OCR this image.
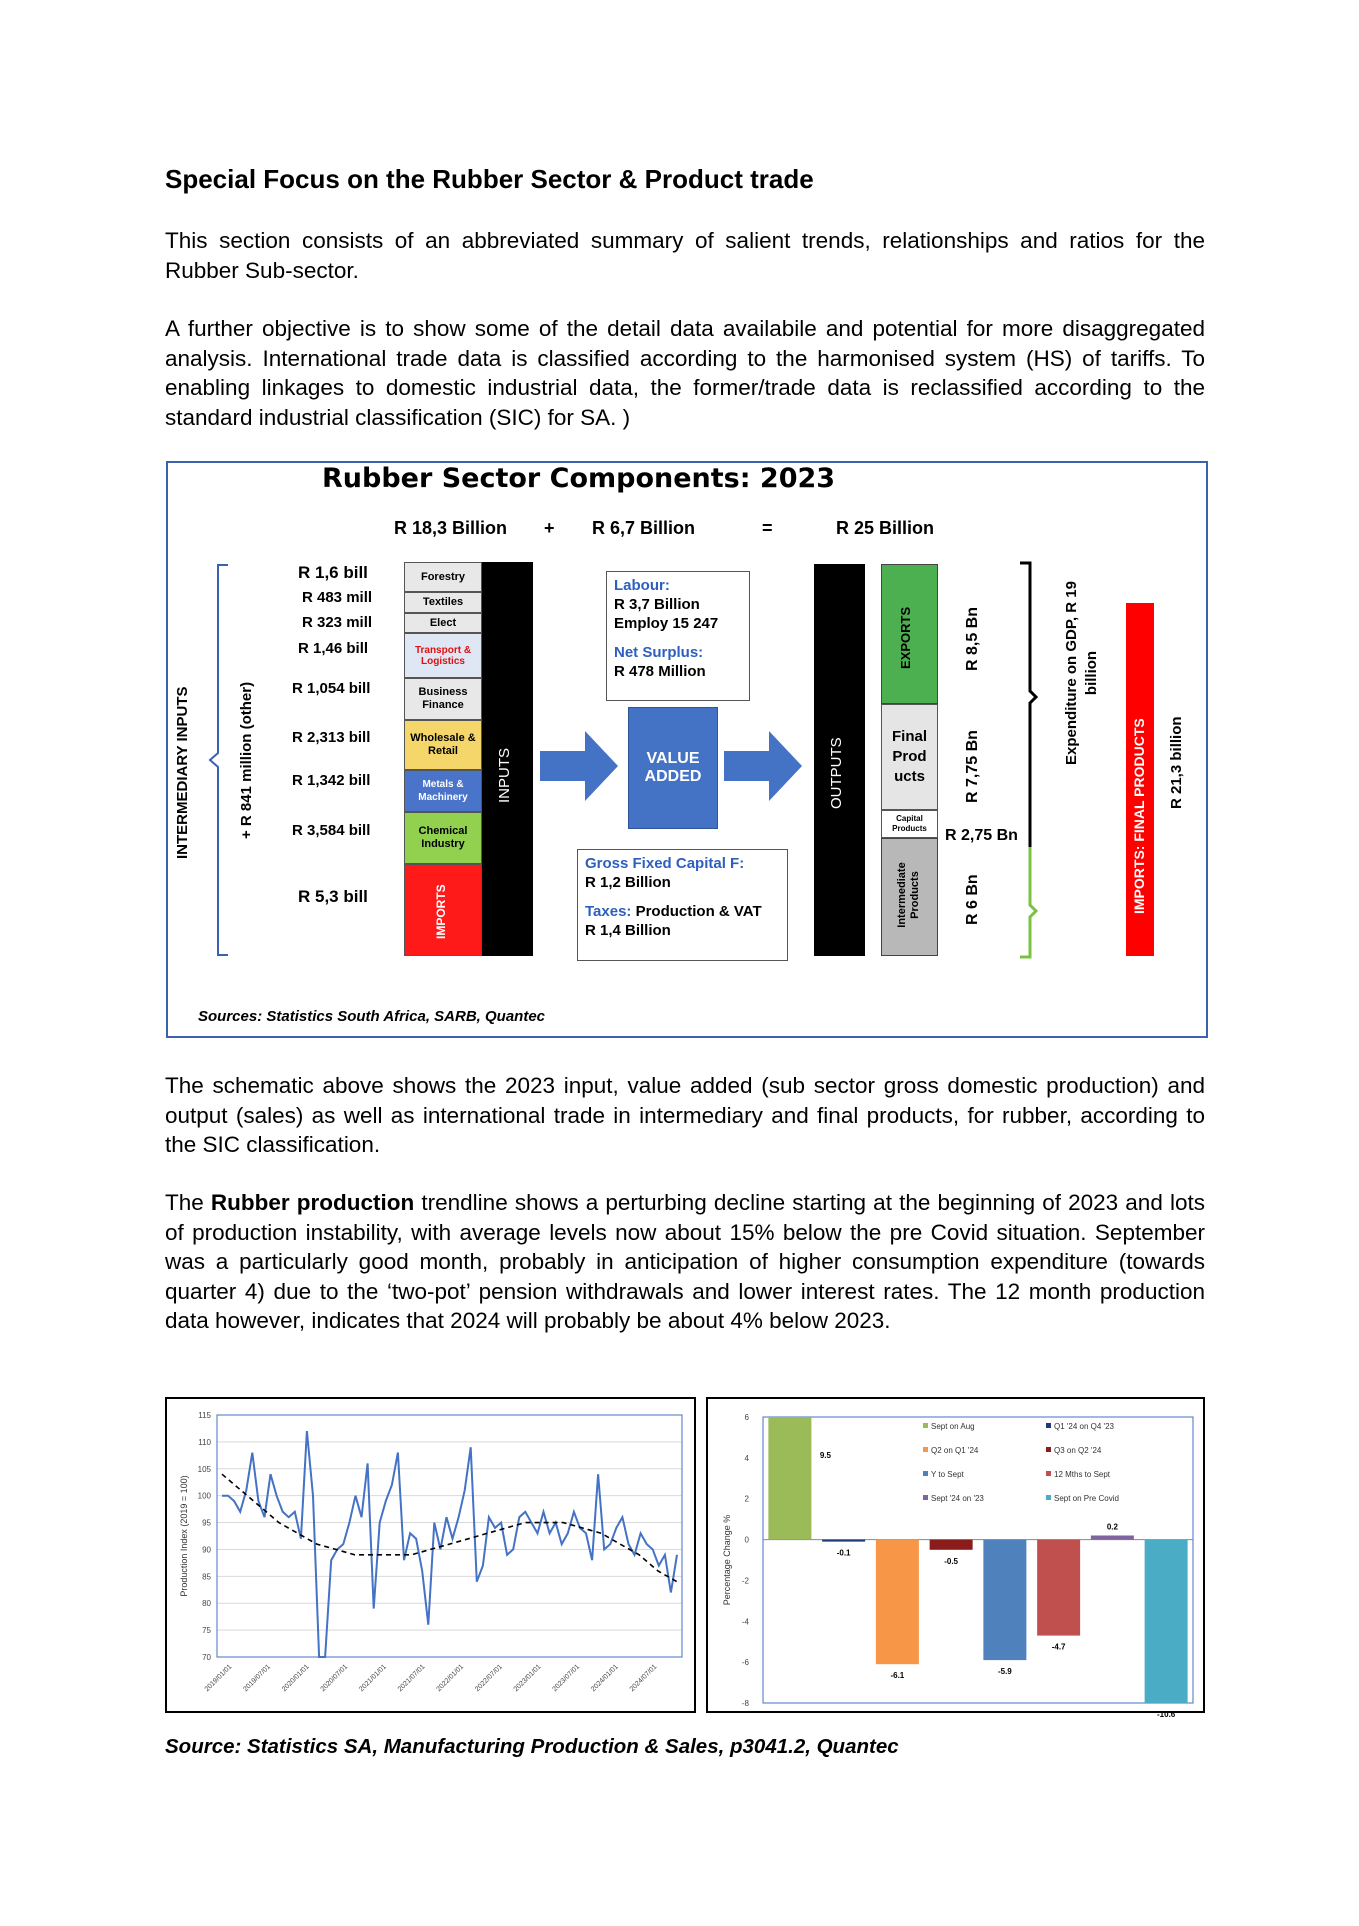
Special Focus on the Rubber Sector & Product trade

This section consists of an abbreviated summary of salient trends, relationships and ratios for the Rubber Sub-sector.

A further objective is to show some of the detail data availabile and potential for more disaggregated analysis. International trade data is classified according to the harmonised system (HS) of tariffs. To enabling linkages to domestic industrial data, the former/trade data is reclassified according to the standard industrial classification (SIC) for SA. )

Rubber Sector Components: 2023
R 18,3 Billion + R 6,7 Billion	=	R 25 Billion
INTERMEDIARY INPUTS	+ R 841 million (other)
R 1,6 bill
R 483 mill
R 323 mill
R 1,46 bill
R 1,054 bill
R 2,313 bill
R 1,342 bill
R 3,584 bill
R 5,3 bill
Forestry
Textiles
Elect
Transport & Logistics
Business Finance
Wholesale & Retail
Metals & Machinery
Chemical Industry
IMPORTS
INPUTS	VALUE ADDED
Labour:
R 3,7 Billion
Employ 15 247
Net Surplus:
R 478 Million
Gross Fixed Capital F:
R 1,2 Billion
Taxes: Production & VAT
R 1,4 Billion
OUTPUTS
EXPORTS
Final Prod ucts
Capital Products
Intermediate Products
R 8,5 Bn
R 7,75 Bn
R 2,75 Bn
R 6 Bn
Expenditure on GDP, R 19 billion
IMPORTS: FINAL PRODUCTS R 21,3 billion
Sources: Statistics South Africa, SARB, Quantec

The schematic above shows the 2023 input, value added (sub sector gross domestic production) and output (sales) as well as international trade in intermediary and final products, for rubber, according to the SIC classification.

The Rubber production trendline shows a perturbing decline starting at the beginning of 2023 and lots of production instability, with average levels now about 15% below the pre Covid situation. September was a particularly good month, probably in anticipation of higher consumption expenditure (towards quarter 4) due to the ‘two-pot’ pension withdrawals and lower interest rates. The 12 month production data however, indicates that 2024 will probably be about 4% below 2023.

70
75
80
85
90
95
100
105
110
115
Production Index (2019 = 100)
2019/01/01 2019/07/01 2020/01/01 2020/07/01 2021/01/01 2021/07/01 2022/01/01 2022/07/01 2023/01/01 2023/07/01 2024/01/01 2024/07/01
-8
-6
-4
-2
0
2
4
6
Percentage Change %
9.5
-0.1
-6.1
-0.5
-5.9
-4.7
0.2
-10.6
Sept on Aug	Q1 '24 on Q4 '23
Q2 on Q1 '24	Q3 on Q2 '24
Y to Sept	12 Mths to Sept
Sept '24 on '23	Sept on Pre Covid
Source: Statistics SA, Manufacturing Production & Sales, p3041.2, Quantec
